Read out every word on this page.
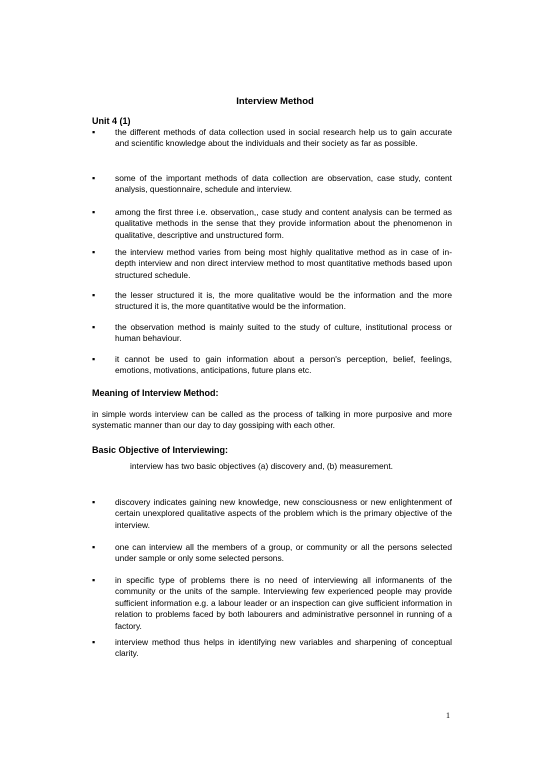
Interview Method
Unit 4 (1)
▪	the different methods of data collection used in social research help us to gain accurate and scientific knowledge about the individuals and their society as far as possible.
▪	some of the important methods of data collection are observation, case study, content analysis, questionnaire, schedule and interview.
▪	among the first three i.e. observation,, case study and content analysis can be termed as qualitative methods in the sense that they provide information about the phenomenon in qualitative, descriptive and unstructured form.
▪	the interview method varies from being most highly qualitative method as in case of in-depth interview and non direct interview method to most quantitative methods based upon structured schedule.
▪	the lesser structured it is, the more qualitative would be the information and the more structured it is, the more quantitative would be the information.
▪	the observation method is mainly suited to the study of culture, institutional process or human behaviour.
▪	it cannot be used to gain information about a person's perception, belief, feelings, emotions, motivations, anticipations, future plans etc.
Meaning of Interview Method:
in simple words interview can be called as the process of talking in more purposive and more systematic manner than our day to day gossiping with each other.
Basic Objective of Interviewing:
interview has two basic objectives (a) discovery and, (b) measurement.
▪	discovery indicates gaining new knowledge, new consciousness or new enlightenment of certain unexplored qualitative aspects of the problem which is the primary objective of the interview.
▪	one can interview all the members of a group, or community or all the persons selected under sample or only some selected persons.
▪	in specific type of problems there is no need of interviewing all informanents of the community or the units of the sample. Interviewing few experienced people may provide sufficient information e.g. a labour leader or an inspection can give sufficient information in relation to problems faced by both labourers and administrative personnel in running of a factory.
▪	interview method thus helps in identifying new variables and sharpening of conceptual clarity.
1
